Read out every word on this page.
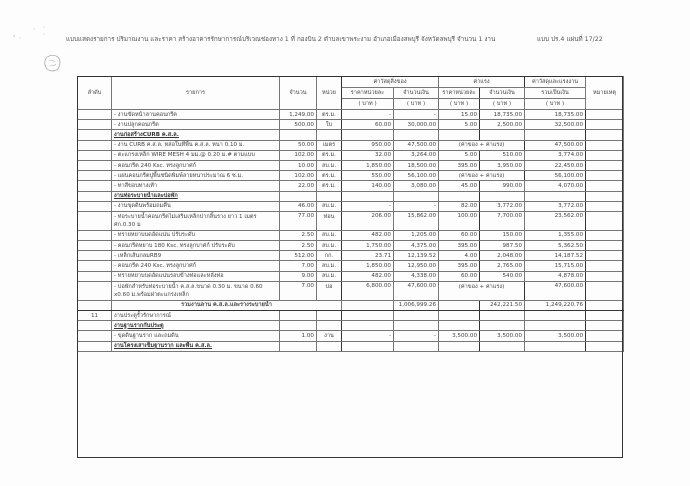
แบบแสดงรายการ ปริมาณงาน และราคา สร้างอาคารรักษาการณ์บริเวณช่องทาง 1 ที่ กองบิน 2 ตำบลเขาพระงาม อำเภอเมืองลพบุรี จังหวัดลพบุรี จำนวน 1 งาน	แบบ ปร.4 แผ่นที่ 17/22
ลำดับ	รายการ	จำนวน	หน่วย	ค่าวัสดุสิ่งของ		ค่าแรง		ค่าวัสดุและแรงงาน	หมายเหตุ
				ราคาหน่วยละ	จำนวนเงิน	ราคาหน่วยละ	จำนวนเงิน	รวมเป็นเงิน	
				( บาท )	( บาท )	( บาท )	( บาท )	( บาท )	
	- งานขัดหน้าลานคอนกรีต	1,249.00	ตร.ม.	-	-	15.00	18,735.00	18,735.00	
	- งานปลูกคอนกรีต	500.00	ใบ	60.00	30,000.00	5.00	2,500.00	32,500.00	
	งานก่อสร้างCURB ค.ส.ล.								
	- งาน CURB ค.ส.ล. หล่อในที่พื้น ค.ส.ล. หนา 0.10 ม.	50.00	เมตร	950.00	47,500.00	(ค่าของ + ค่าแรง)		47,500.00	
	- ตะแกรงเหล็ก WIRE MESH 4 มม.@ 0.20 ม.# ตามแบบ	102.00	ตร.ม.	32.00	3,264.00	5.00	510.00	3,774.00	
	- คอนกรีต 240 Ksc. ทรงลูกบาศก์	10.00	ลบ.ม.	1,850.00	18,500.00	395.00	3,950.00	22,450.00	
	- แผ่นคอนกรีตปูพื้นชนิดพิมพ์ลายหนาประมาณ 6 ซ.ม.	102.00	ตร.ม.	550.00	56,100.00	(ค่าของ + ค่าแรง)		56,100.00	
	- ทาสีขอบทางเท้า	22.00	ตร.ม.	140.00	3,080.00	45.00	990.00	4,070.00	
	งานท่อระบายน้ำและบ่อพัก								
	- งานขุดดินพร้อมถมคืน	46.00	ลบ.ม.	-	-	82.00	3,772.00	3,772.00	
	- ท่อระบายน้ำคอนกรีตไม่เสริมเหล็กปากลิ้นราง ยาว 1 เมตร ศก.0.30 ม	77.00	ท่อน	206.00	15,862.00	100.00	7,700.00	23,562.00	
	- ทรายหยาบบดอัดแน่น ปรับระดับ	2.50	ลบ.ม.	482.00	1,205.00	60.00	150.00	1,355.00	
	- คอนกรีตหยาบ 180 Ksc. ทรงลูกบาศก์ ปรับระดับ	2.50	ลบ.ม.	1,750.00	4,375.00	395.00	987.50	5,362.50	
	- เหล็กเส้นกลมRB9	512.00	กก.	23.71	12,139.52	4.00	2,048.00	14,187.52	
	- คอนกรีต 240 Ksc. ทรงลูกบาศก์	7.00	ลบ.ม.	1,850.00	12,950.00	395.00	2,765.00	15,715.00	
	- ทรายหยาบบดอัดแน่นรอบข้างท่อและหลังท่อ	9.00	ลบ.ม.	482.00	4,338.00	60.00	540.00	4,878.00	
	- บ่อพักสำหรับท่อระบายน้ำ ค.ส.ล.ขนาด 0.30 ม. ขนาด 0.60 x0.60 ม.พร้อมฝาตะแกรงเหล็ก	7.00	บ่อ	6,800.00	47,600.00	(ค่าของ + ค่าแรง)		47,600.00	
	รวมงานลาน ค.ส.ล.และรางระบายน้ำ				1,006,999.26		242,221.50	1,249,220.76	
11	งานประตูรั้วรักษาการณ์								
	งานฐานรากกันประตู								
	- ขุดดินฐานราก และถมดิน	1.00	งาน	-	-	3,500.00	3,500.00	3,500.00	
	งานโครงเสาเข็มฐานราก และพื้น ค.ส.ล.								
